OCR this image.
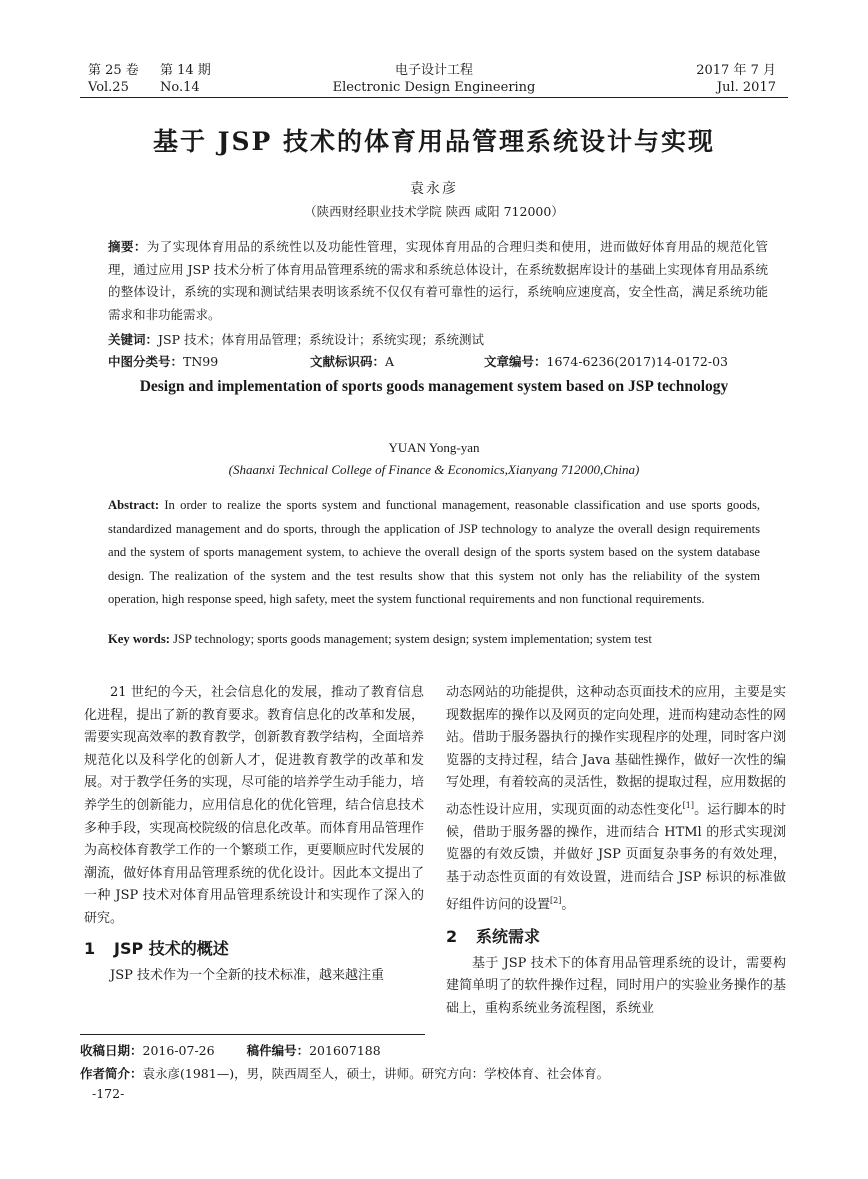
第 25 卷 第 14 期
Vol.25 No.14
电子设计工程
Electronic Design Engineering
2017 年 7 月
Jul. 2017
基于 JSP 技术的体育用品管理系统设计与实现
袁永彦
（陕西财经职业技术学院 陕西 咸阳 712000）
摘要：为了实现体育用品的系统性以及功能性管理，实现体育用品的合理归类和使用，进而做好体育用品的规范化管理，通过应用 JSP 技术分析了体育用品管理系统的需求和系统总体设计，在系统数据库设计的基础上实现体育用品系统的整体设计，系统的实现和测试结果表明该系统不仅仅有着可靠性的运行，系统响应速度高，安全性高，满足系统功能需求和非功能需求。
关键词：JSP 技术；体育用品管理；系统设计；系统实现；系统测试
中图分类号：TN99	文献标识码：A	文章编号：1674-6236(2017)14-0172-03
Design and implementation of sports goods management system based on JSP technology
YUAN Yong-yan
(Shaanxi Technical College of Finance & Economics,Xianyang 712000,China)
Abstract: In order to realize the sports system and functional management, reasonable classification and use sports goods, standardized management and do sports, through the application of JSP technology to analyze the overall design requirements and the system of sports management system, to achieve the overall design of the sports system based on the system database design. The realization of the system and the test results show that this system not only has the reliability of the system operation, high response speed, high safety, meet the system functional requirements and non functional requirements.
Key words: JSP technology; sports goods management; system design; system implementation; system test

21 世纪的今天，社会信息化的发展，推动了教育信息化进程，提出了新的教育要求。教育信息化的改革和发展，需要实现高效率的教育教学，创新教育教学结构，全面培养规范化以及科学化的创新人才，促进教育教学的改革和发展。对于教学任务的实现，尽可能的培养学生动手能力，培养学生的创新能力，应用信息化的优化管理，结合信息技术多种手段，实现高校院级的信息化改革。而体育用品管理作为高校体育教学工作的一个繁琐工作，更要顺应时代发展的潮流，做好体育用品管理系统的优化设计。因此本文提出了一种 JSP 技术对体育用品管理系统设计和实现作了深入的研究。

1 JSP 技术的概述

JSP 技术作为一个全新的技术标准，越来越注重

动态网站的功能提供，这种动态页面技术的应用，主要是实现数据库的操作以及网页的定向处理，进而构建动态性的网站。借助于服务器执行的操作实现程序的处理，同时客户浏览器的支持过程，结合 Java 基础性操作，做好一次性的编写处理，有着较高的灵活性，数据的提取过程，应用数据的动态性设计应用，实现页面的动态性变化[1]。运行脚本的时候，借助于服务器的操作，进而结合 HTMl 的形式实现浏览器的有效反馈，并做好 JSP 页面复杂事务的有效处理，基于动态性页面的有效设置，进而结合 JSP 标识的标准做好组件访问的设置[2]。

2 系统需求

基于 JSP 技术下的体育用品管理系统的设计，需要构建简单明了的软件操作过程，同时用户的实验业务操作的基础上，重构系统业务流程图，系统业

收稿日期：2016-07-26	稿件编号：201607188
作者简介：袁永彦(1981—)，男，陕西周至人，硕士，讲师。研究方向：学校体育、社会体育。
-172-
